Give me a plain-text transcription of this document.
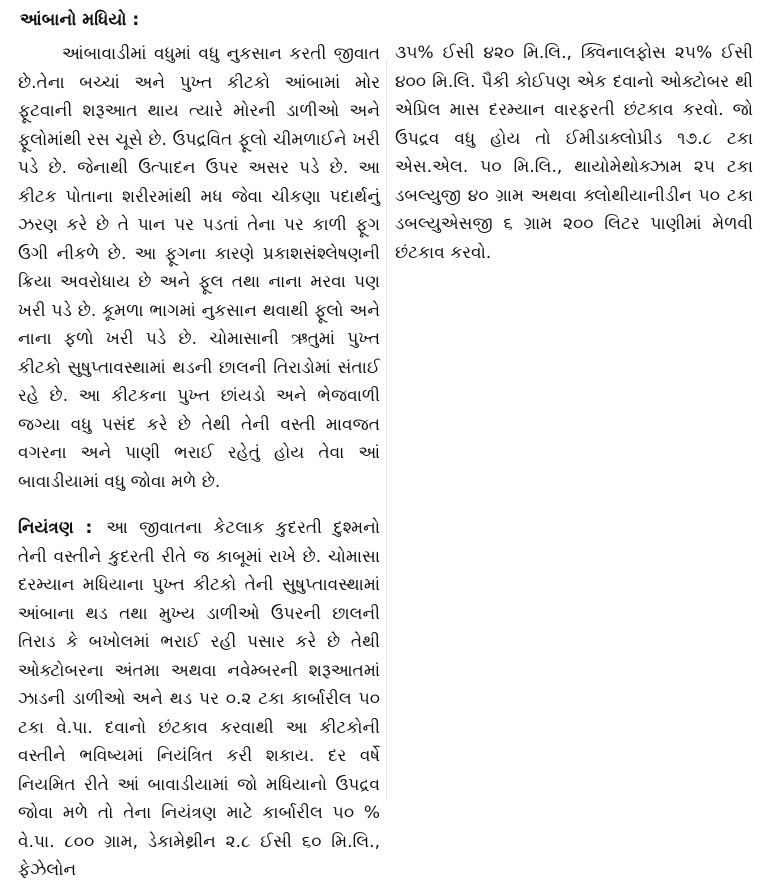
આંબાનો મધિયો :

આંબાવાડીમાં વધુમાં વધુ નુકસાન કરતી જીવાત છે.તેના બચ્ચાં અને પુખ્ત કીટકો આંબામાં મોર ફૂટવાની શરૂઆત થાય ત્યારે મોરની ડાળીઓ અને ફૂલોમાંથી રસ ચૂસે છે. ઉપદ્રવિત ફૂલો ચીમળાઈને ખરી પડે છે. જેનાથી ઉત્પાદન ઉપર અસર પડે છે. આ કીટક પોતાના શરીરમાંથી મધ જેવા ચીકણા પદાર્થનું ઝરણ કરે છે તે પાન પર પડતાં તેના પર કાળી ફૂગ ઉગી નીકળે છે. આ ફૂગના કારણે પ્રકાશસંશ્લેષણની ક્રિયા અવરોધાય છે અને ફૂલ તથા નાના મરવા પણ ખરી પડે છે. કૂમળા ભાગમાં નુકસાન થવાથી ફૂલો અને નાના ફળો ખરી પડે છે. ચોમાસાની ઋતુમાં પુખ્ત કીટકો સુષુપ્તાવસ્થામાં થડની છાલની તિરાડોમાં સંતાઈ રહે છે. આ કીટકના પુખ્ત છાંયડો અને ભેજવાળી જગ્યા વધુ પસંદ કરે છે તેથી તેની વસ્તી માવજત વગરના અને પાણી ભરાઈ રહેતું હોય તેવા આં બાવાડીયામાં વધુ જોવા મળે છે.

નિયંત્રણ : આ જીવાતના કેટલાક કુદરતી દુશ્મનો તેની વસ્તીને કુદરતી રીતે જ કાબૂમાં રાખે છે. ચોમાસા દરમ્યાન મધિયાના પુખ્ત કીટકો તેની સુષુપ્તાવસ્થામાં આંબાના થડ તથા મુખ્ય ડાળીઓ ઉપરની છાલની તિરાડ કે બખોલમાં ભરાઈ રહી પસાર કરે છે તેથી ઓક્ટોબરના અંતમા અથવા નવેમ્બરની શરૂઆતમાં ઝાડની ડાળીઓ અને થડ પર ૦.૨ ટકા કાર્બારીલ ૫૦ ટકા વે.પા. દવાનો છંટકાવ કરવાથી આ કીટકોની વસ્તીને ભવિષ્યમાં નિયંત્રિત કરી શકાય. દર વર્ષે નિયમિત રીતે આં બાવાડીયામાં જો મધિયાનો ઉપદ્રવ જોવા મળે તો તેના નિયંત્રણ માટે કાર્બારીલ ૫૦ % વે.પા. ૮૦૦ ગ્રામ, ડેકામેથ્રીન ૨.૮ ઈસી ૬૦ મિ.લિ., ફેઝેલોન

૩૫% ઈસી ૪૨૦ મિ.લિ., ક્વિનાલફોસ ૨૫% ઈસી ૪૦૦ મિ.લિ. પૈકી કોઈપણ એક દવાનો ઓક્ટોબર થી એપ્રિલ માસ દરમ્યાન વારફરતી છંટકાવ કરવો. જો ઉપદ્રવ વધુ હોય તો ઈમીડાક્લોપ્રીડ ૧૭.૮ ટકા એસ.એલ. ૫૦ મિ.લિ., થાયોમેથોક્ઝામ ૨૫ ટકા ડબલ્યુજી ૪૦ ગ્રામ અથવા ક્લોથીયાનીડીન ૫૦ ટકા ડબલ્યુએસજી ૬ ગ્રામ ૨૦૦ લિટર પાણીમાં મેળવી છંટકાવ કરવો.
